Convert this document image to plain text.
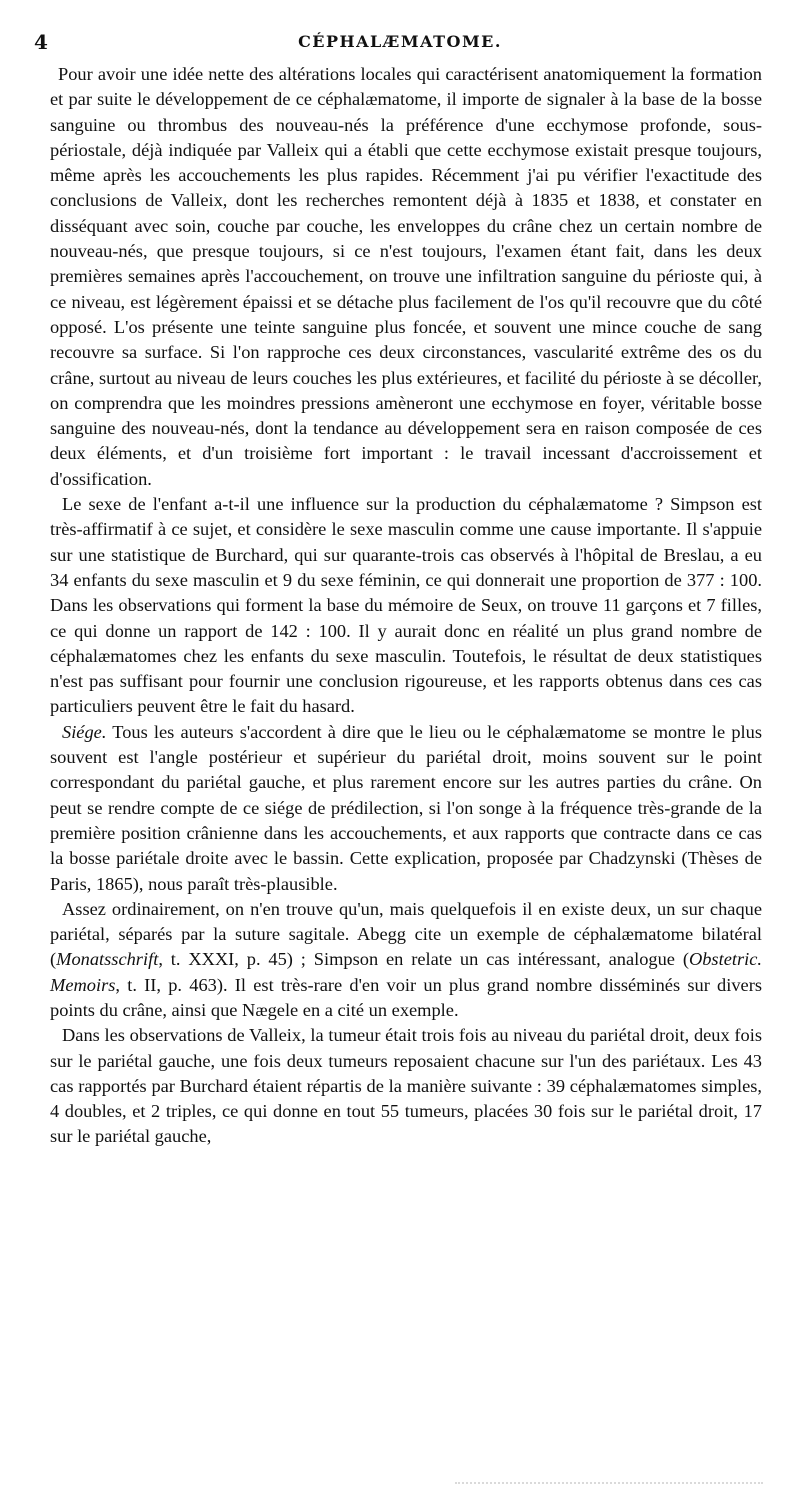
4	CÉPHALÆMATOME.

Pour avoir une idée nette des altérations locales qui caractérisent anatomiquement la formation et par suite le développement de ce céphalæmatome, il importe de signaler à la base de la bosse sanguine ou thrombus des nouveau-nés la préférence d'une ecchymose profonde, sous-périostale, déjà indiquée par Valleix qui a établi que cette ecchymose existait presque toujours, même après les accouchements les plus rapides. Récemment j'ai pu vérifier l'exactitude des conclusions de Valleix, dont les recherches remontent déjà à 1835 et 1838, et constater en disséquant avec soin, couche par couche, les enveloppes du crâne chez un certain nombre de nouveau-nés, que presque toujours, si ce n'est toujours, l'examen étant fait, dans les deux premières semaines après l'accouchement, on trouve une infiltration sanguine du périoste qui, à ce niveau, est légèrement épaissi et se détache plus facilement de l'os qu'il recouvre que du côté opposé. L'os présente une teinte sanguine plus foncée, et souvent une mince couche de sang recouvre sa surface. Si l'on rapproche ces deux circonstances, vascularité extrême des os du crâne, surtout au niveau de leurs couches les plus extérieures, et facilité du périoste à se décoller, on comprendra que les moindres pressions amèneront une ecchymose en foyer, véritable bosse sanguine des nouveau-nés, dont la tendance au développement sera en raison composée de ces deux éléments, et d'un troisième fort important : le travail incessant d'accroissement et d'ossification.

Le sexe de l'enfant a-t-il une influence sur la production du céphalæmatome ? Simpson est très-affirmatif à ce sujet, et considère le sexe masculin comme une cause importante. Il s'appuie sur une statistique de Burchard, qui sur quarante-trois cas observés à l'hôpital de Breslau, a eu 34 enfants du sexe masculin et 9 du sexe féminin, ce qui donnerait une proportion de 377 : 100. Dans les observations qui forment la base du mémoire de Seux, on trouve 11 garçons et 7 filles, ce qui donne un rapport de 142 : 100. Il y aurait donc en réalité un plus grand nombre de céphalæmatomes chez les enfants du sexe masculin. Toutefois, le résultat de deux statistiques n'est pas suffisant pour fournir une conclusion rigoureuse, et les rapports obtenus dans ces cas particuliers peuvent être le fait du hasard.

Siége. Tous les auteurs s'accordent à dire que le lieu ou le céphalæmatome se montre le plus souvent est l'angle postérieur et supérieur du pariétal droit, moins souvent sur le point correspondant du pariétal gauche, et plus rarement encore sur les autres parties du crâne. On peut se rendre compte de ce siége de prédilection, si l'on songe à la fréquence très-grande de la première position crânienne dans les accouchements, et aux rapports que contracte dans ce cas la bosse pariétale droite avec le bassin. Cette explication, proposée par Chadzynski (Thèses de Paris, 1865), nous paraît très-plausible.

Assez ordinairement, on n'en trouve qu'un, mais quelquefois il en existe deux, un sur chaque pariétal, séparés par la suture sagitale. Abegg cite un exemple de céphalæmatome bilatéral (Monatsschrift, t. XXXI, p. 45) ; Simpson en relate un cas intéressant, analogue (Obstetric. Memoirs, t. II, p. 463). Il est très-rare d'en voir un plus grand nombre disséminés sur divers points du crâne, ainsi que Nægele en a cité un exemple.

Dans les observations de Valleix, la tumeur était trois fois au niveau du pariétal droit, deux fois sur le pariétal gauche, une fois deux tumeurs reposaient chacune sur l'un des pariétaux. Les 43 cas rapportés par Burchard étaient répartis de la manière suivante : 39 céphalæmatomes simples, 4 doubles, et 2 triples, ce qui donne en tout 55 tumeurs, placées 30 fois sur le pariétal droit, 17 sur le pariétal gauche,
